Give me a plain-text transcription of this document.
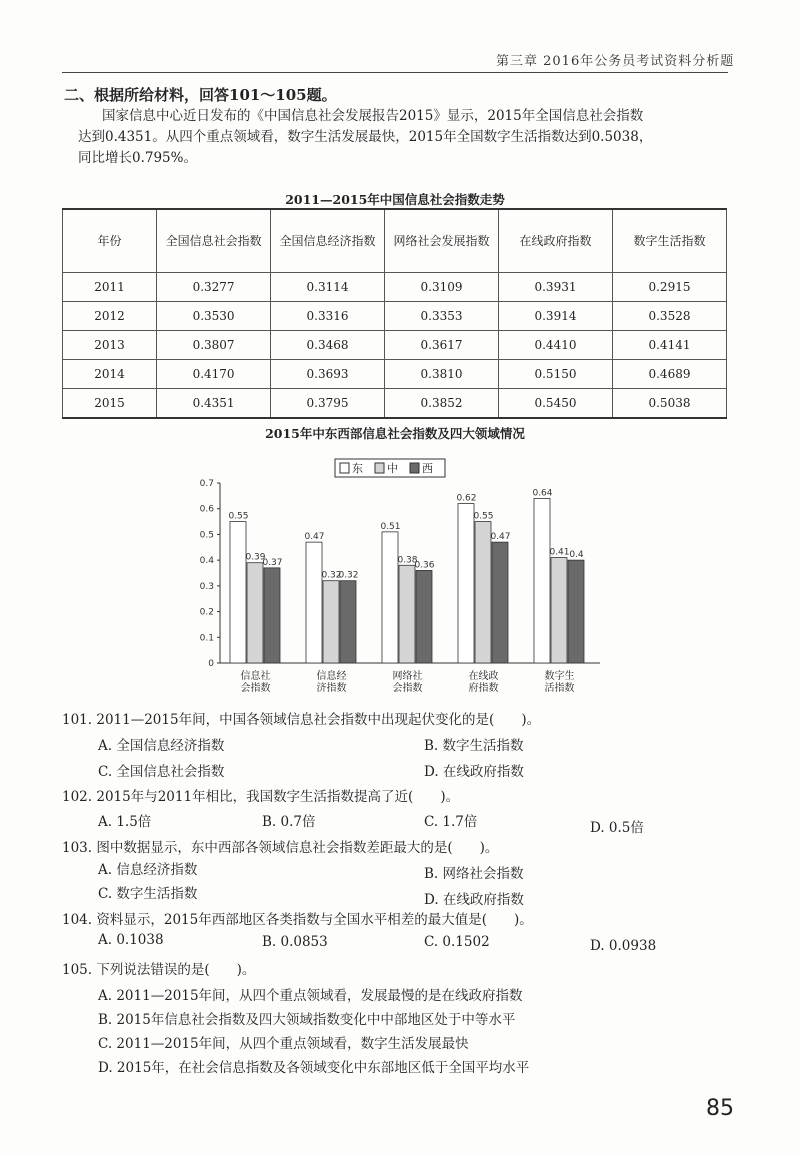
第三章 2016年公务员考试资料分析题
二、根据所给材料，回答101～105题。
国家信息中心近日发布的《中国信息社会发展报告2015》显示，2015年全国信息社会指数
达到0.4351。从四个重点领域看，数字生活发展最快，2015年全国数字生活指数达到0.5038，
同比增长0.795%。
2011—2015年中国信息社会指数走势
年份	全国信息社会指数	全国信息经济指数	网络社会发展指数	在线政府指数	数字生活指数
2011	0.3277	0.3114	0.3109	0.3931	0.2915
2012	0.3530	0.3316	0.3353	0.3914	0.3528
2013	0.3807	0.3468	0.3617	0.4410	0.4141
2014	0.4170	0.3693	0.3810	0.5150	0.4689
2015	0.4351	0.3795	0.3852	0.5450	0.5038
2015年中东西部信息社会指数及四大领域情况
东 中 西
0
0.1
0.2
0.3
0.4
0.5
0.6
0.7
0.55
0.39
0.37
信息社
会指数
0.47
0.32
0.32
信息经
济指数
0.51
0.38
0.36
网络社
会指数
0.62
0.55
0.47
在线政
府指数
0.64
0.41 0.4
数字生
活指数
101. 2011—2015年间，中国各领域信息社会指数中出现起伏变化的是(　　)。
A. 全国信息经济指数	B. 数字生活指数
C. 全国信息社会指数	D. 在线政府指数
102. 2015年与2011年相比，我国数字生活指数提高了近(　　)。
A. 1.5倍	B. 0.7倍	C. 1.7倍	D. 0.5倍
103. 图中数据显示，东中西部各领域信息社会指数差距最大的是(　　)。
A. 信息经济指数	B. 网络社会指数
C. 数字生活指数	D. 在线政府指数
104. 资料显示，2015年西部地区各类指数与全国水平相差的最大值是(　　)。
A. 0.1038	B. 0.0853	C. 0.1502	D. 0.0938
105. 下列说法错误的是(　　)。
A. 2011—2015年间，从四个重点领域看，发展最慢的是在线政府指数
B. 2015年信息社会指数及四大领域指数变化中中部地区处于中等水平
C. 2011—2015年间，从四个重点领域看，数字生活发展最快
D. 2015年，在社会信息指数及各领域变化中东部地区低于全国平均水平
85
